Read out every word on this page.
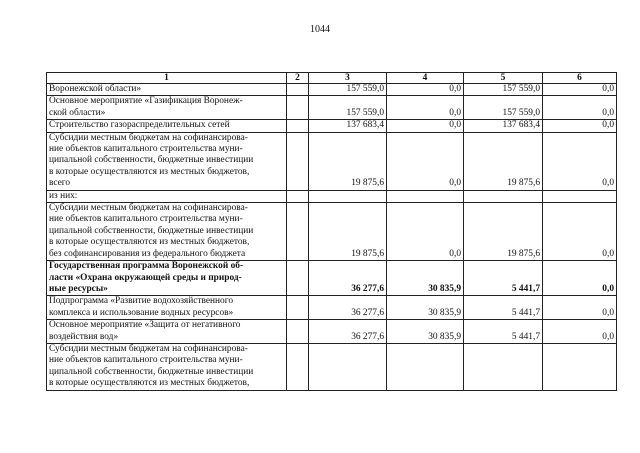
1044
1	2	3	4	5	6

Воронежской области»		157 559,0	0,0	157 559,0	0,0

Основное мероприятие «Газификация Воронеж-
ской области»		157 559,0	0,0	157 559,0	0,0

Строительство газораспределительных сетей		137 683,4	0,0	137 683,4	0,0

Субсидии местным бюджетам на софинансирова-
ние объектов капитального строительства муни-
ципальной собственности, бюджетные инвестиции
в которые осуществляются из местных бюджетов,
всего		19 875,6	0,0	19 875,6	0,0

из них:					

Субсидии местным бюджетам на софинансирова-
ние объектов капитального строительства муни-
ципальной собственности, бюджетные инвестиции
в которые осуществляются из местных бюджетов,
без софинансирования из федерального бюджета		19 875,6	0,0	19 875,6	0,0

Государственная программа Воронежской об-
ласти «Охрана окружающей среды и природ-
ные ресурсы»		36 277,6	30 835,9	5 441,7	0,0

Подпрограмма «Развитие водохозяйственного
комплекса и использование водных ресурсов»		36 277,6	30 835,9	5 441,7	0,0

Основное мероприятие «Защита от негативного
воздействия вод»		36 277,6	30 835,9	5 441,7	0,0

Субсидии местным бюджетам на софинансирова-
ние объектов капитального строительства муни-
ципальной собственности, бюджетные инвестиции
в которые осуществляются из местных бюджетов,					
